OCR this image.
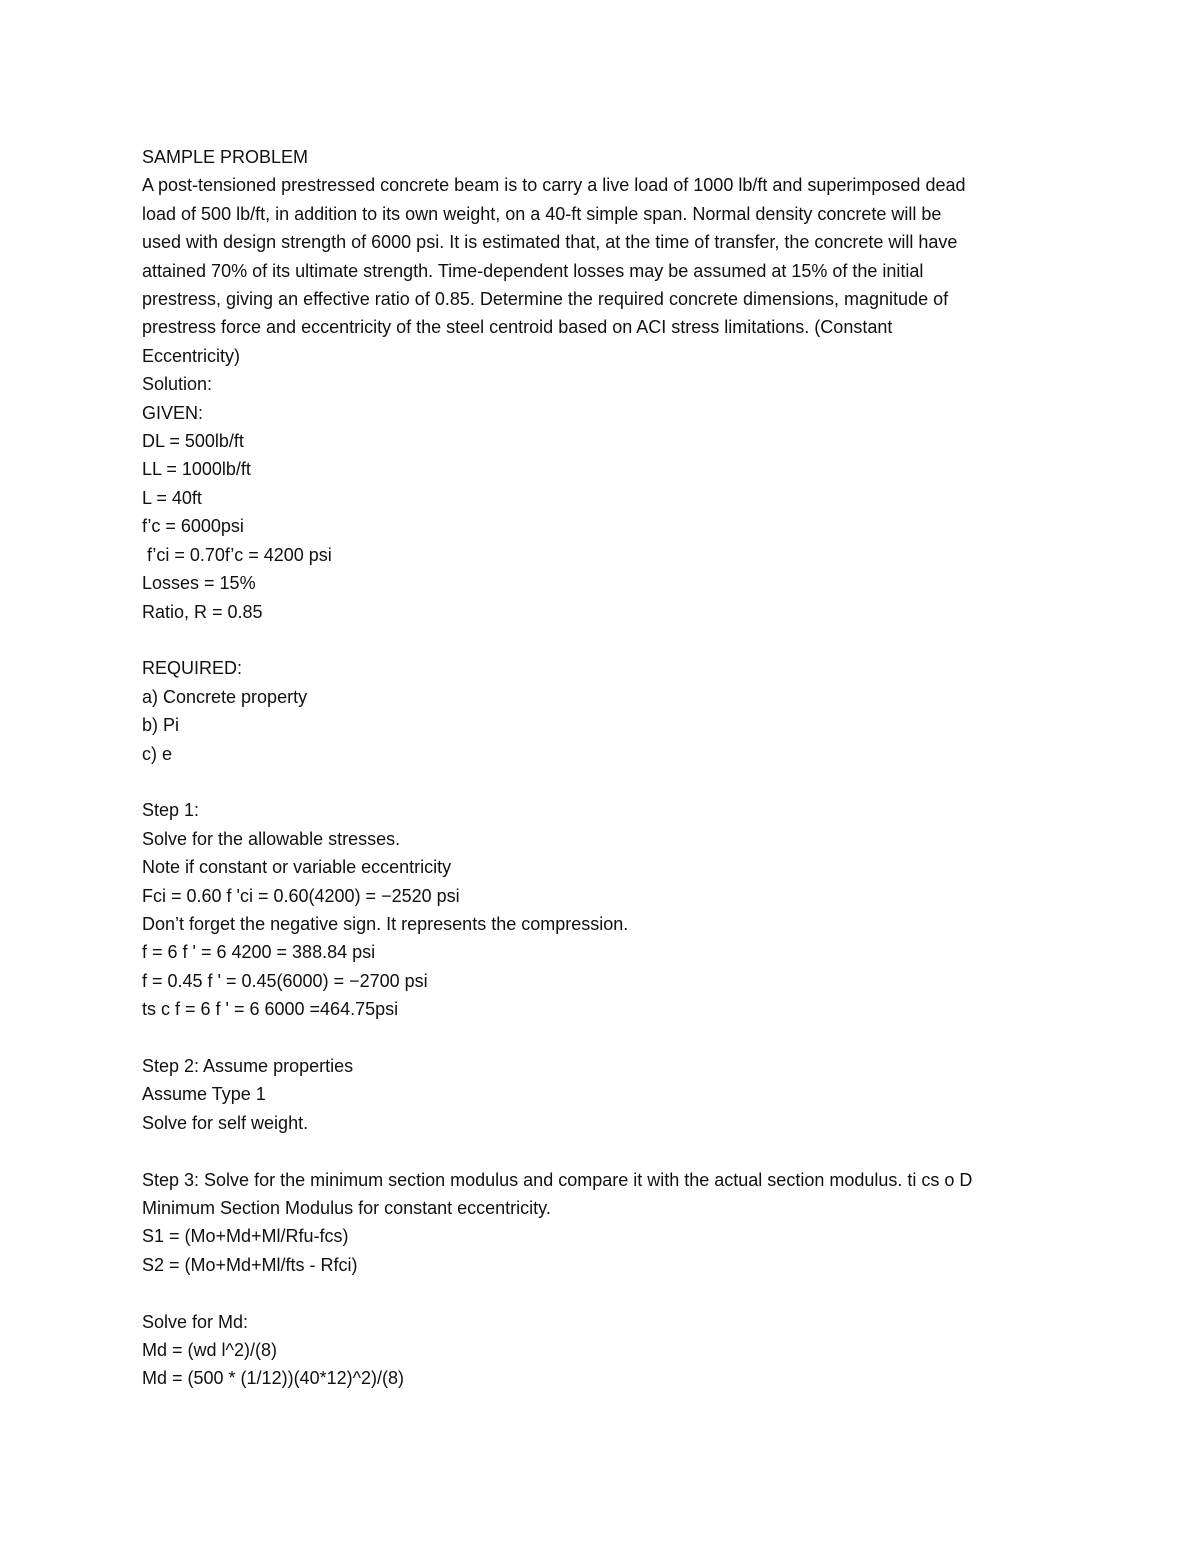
SAMPLE PROBLEM
A post-tensioned prestressed concrete beam is to carry a live load of 1000 lb/ft and superimposed dead
load of 500 lb/ft, in addition to its own weight, on a 40-ft simple span. Normal density concrete will be
used with design strength of 6000 psi. It is estimated that, at the time of transfer, the concrete will have
attained 70% of its ultimate strength. Time-dependent losses may be assumed at 15% of the initial
prestress, giving an effective ratio of 0.85. Determine the required concrete dimensions, magnitude of
prestress force and eccentricity of the steel centroid based on ACI stress limitations. (Constant
Eccentricity)
Solution:
GIVEN:
DL = 500lb/ft
LL = 1000lb/ft
L = 40ft
f’c = 6000psi
f’ci = 0.70f’c = 4200 psi
Losses = 15%
Ratio, R = 0.85
REQUIRED:
a) Concrete property
b) Pi
c) e
Step 1:
Solve for the allowable stresses.
Note if constant or variable eccentricity
Fci = 0.60 f 'ci = 0.60(4200) = −2520 psi
Don’t forget the negative sign. It represents the compression.
f = 6 f ' = 6 4200 = 388.84 psi
f = 0.45 f ' = 0.45(6000) = −2700 psi
ts c f = 6 f ' = 6 6000 =464.75psi
Step 2: Assume properties
Assume Type 1
Solve for self weight.
Step 3: Solve for the minimum section modulus and compare it with the actual section modulus. ti cs o D
Minimum Section Modulus for constant eccentricity.
S1 = (Mo+Md+Ml/Rfu-fcs)
S2 = (Mo+Md+Ml/fts - Rfci)
Solve for Md:
Md = (wd l^2)/(8)
Md = (500 * (1/12))(40*12)^2)/(8)
